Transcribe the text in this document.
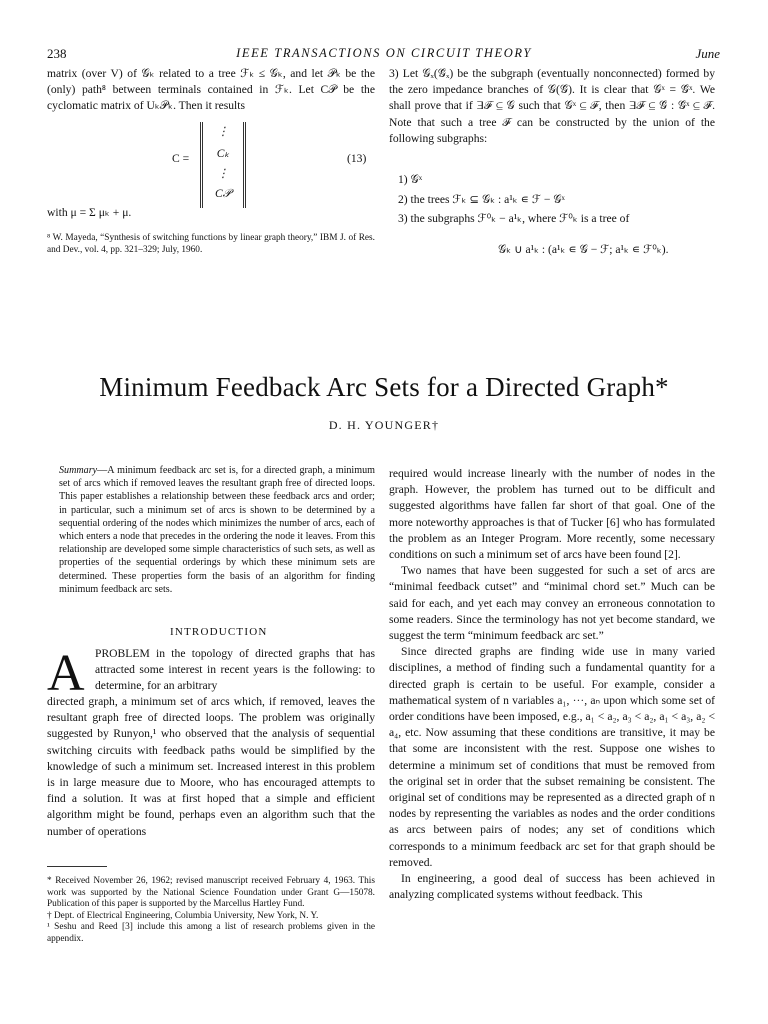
238	IEEE TRANSACTIONS ON CIRCUIT THEORY	June

matrix (over V) of 𝒢ₖ related to a tree ℱₖ ≤ 𝒢ₖ, and let 𝒫ₖ be the (only) path⁸ between terminals contained in ℱₖ. Let C𝒫 be the cyclomatic matrix of Uₖ𝒫ₖ. Then it results

C =
⋮
Cₖ
⋮
C𝒫
(13)
with μ = Σ μₖ + μ.
⁸ W. Mayeda, “Synthesis of switching functions by linear graph theory,” IBM J. of Res. and Dev., vol. 4, pp. 321–329; July, 1960.

3) Let 𝒢ₓ(𝒢̇ₓ) be the subgraph (eventually nonconnected) formed by the zero impedance branches of 𝒢(𝒢̇). It is clear that 𝒢ˣ = 𝒢̇ˣ. We shall prove that if ∃ℱ ⊆ 𝒢 such that 𝒢ˣ ⊆ ℱ, then ∃ℱ̇ ⊆ 𝒢̇ : 𝒢̇ˣ ⊆ ℱ̇. Note that such a tree ℱ̇ can be constructed by the union of the following subgraphs:

1) 𝒢ˣ
2) the trees ℱₖ ⊆ 𝒢ₖ : a¹ₖ ∊ ℱ − 𝒢ˣ
3) the subgraphs ℱ⁰ₖ − a¹ₖ, where ℱ⁰ₖ is a tree of
𝒢ₖ ∪ a¹ₖ : (a¹ₖ ∊ 𝒢 − ℱ; a¹ₖ ∊ ℱ⁰ₖ).
Minimum Feedback Arc Sets for a Directed Graph*
D. H. YOUNGER†
Summary—A minimum feedback arc set is, for a directed graph, a minimum set of arcs which if removed leaves the resultant graph free of directed loops. This paper establishes a relationship between these feedback arcs and order; in particular, such a minimum set of arcs is shown to be determined by a sequential ordering of the nodes which minimizes the number of arcs, each of which enters a node that precedes in the ordering the node it leaves. From this relationship are developed some simple characteristics of such sets, as well as properties of the sequential orderings by which these minimum sets are determined. These properties form the basis of an algorithm for finding minimum feedback arc sets.
INTRODUCTION
A PROBLEM in the topology of directed graphs that has attracted some interest in recent years is the following: to determine, for an arbitrary
directed graph, a minimum set of arcs which, if removed, leaves the resultant graph free of directed loops. The problem was originally suggested by Runyon,¹ who observed that the analysis of sequential switching circuits with feedback paths would be simplified by the knowledge of such a minimum set. Increased interest in this problem is in large measure due to Moore, who has encouraged attempts to find a solution. It was at first hoped that a simple and efficient algorithm might be found, perhaps even an algorithm such that the number of operations

* Received November 26, 1962; revised manuscript received February 4, 1963. This work was supported by the National Science Foundation under Grant G—15078. Publication of this paper is supported by the Marcellus Hartley Fund.

† Dept. of Electrical Engineering, Columbia University, New York, N. Y.

¹ Seshu and Reed [3] include this among a list of research problems given in the appendix.

required would increase linearly with the number of nodes in the graph. However, the problem has turned out to be difficult and suggested algorithms have fallen far short of that goal. One of the more noteworthy approaches is that of Tucker [6] who has formulated the problem as an Integer Program. More recently, some necessary conditions on such a minimum set of arcs have been found [2].

Two names that have been suggested for such a set of arcs are “minimal feedback cutset” and “minimal chord set.” Much can be said for each, and yet each may convey an erroneous connotation to some readers. Since the terminology has not yet become standard, we suggest the term “minimum feedback arc set.”

Since directed graphs are finding wide use in many varied disciplines, a method of finding such a fundamental quantity for a directed graph is certain to be useful. For example, consider a mathematical system of n variables a₁, ···, aₙ upon which some set of order conditions have been imposed, e.g., a₁ < a₂, a₃ < a₂, a₁ < a₃, a₂ < a₄, etc. Now assuming that these conditions are transitive, it may be that some are inconsistent with the rest. Suppose one wishes to determine a minimum set of conditions that must be removed from the original set in order that the subset remaining be consistent. The original set of conditions may be represented as a directed graph of n nodes by representing the variables as nodes and the order conditions as arcs between pairs of nodes; any set of conditions which corresponds to a minimum feedback arc set for that graph should be removed.

In engineering, a good deal of success has been achieved in analyzing complicated systems without feedback. This
